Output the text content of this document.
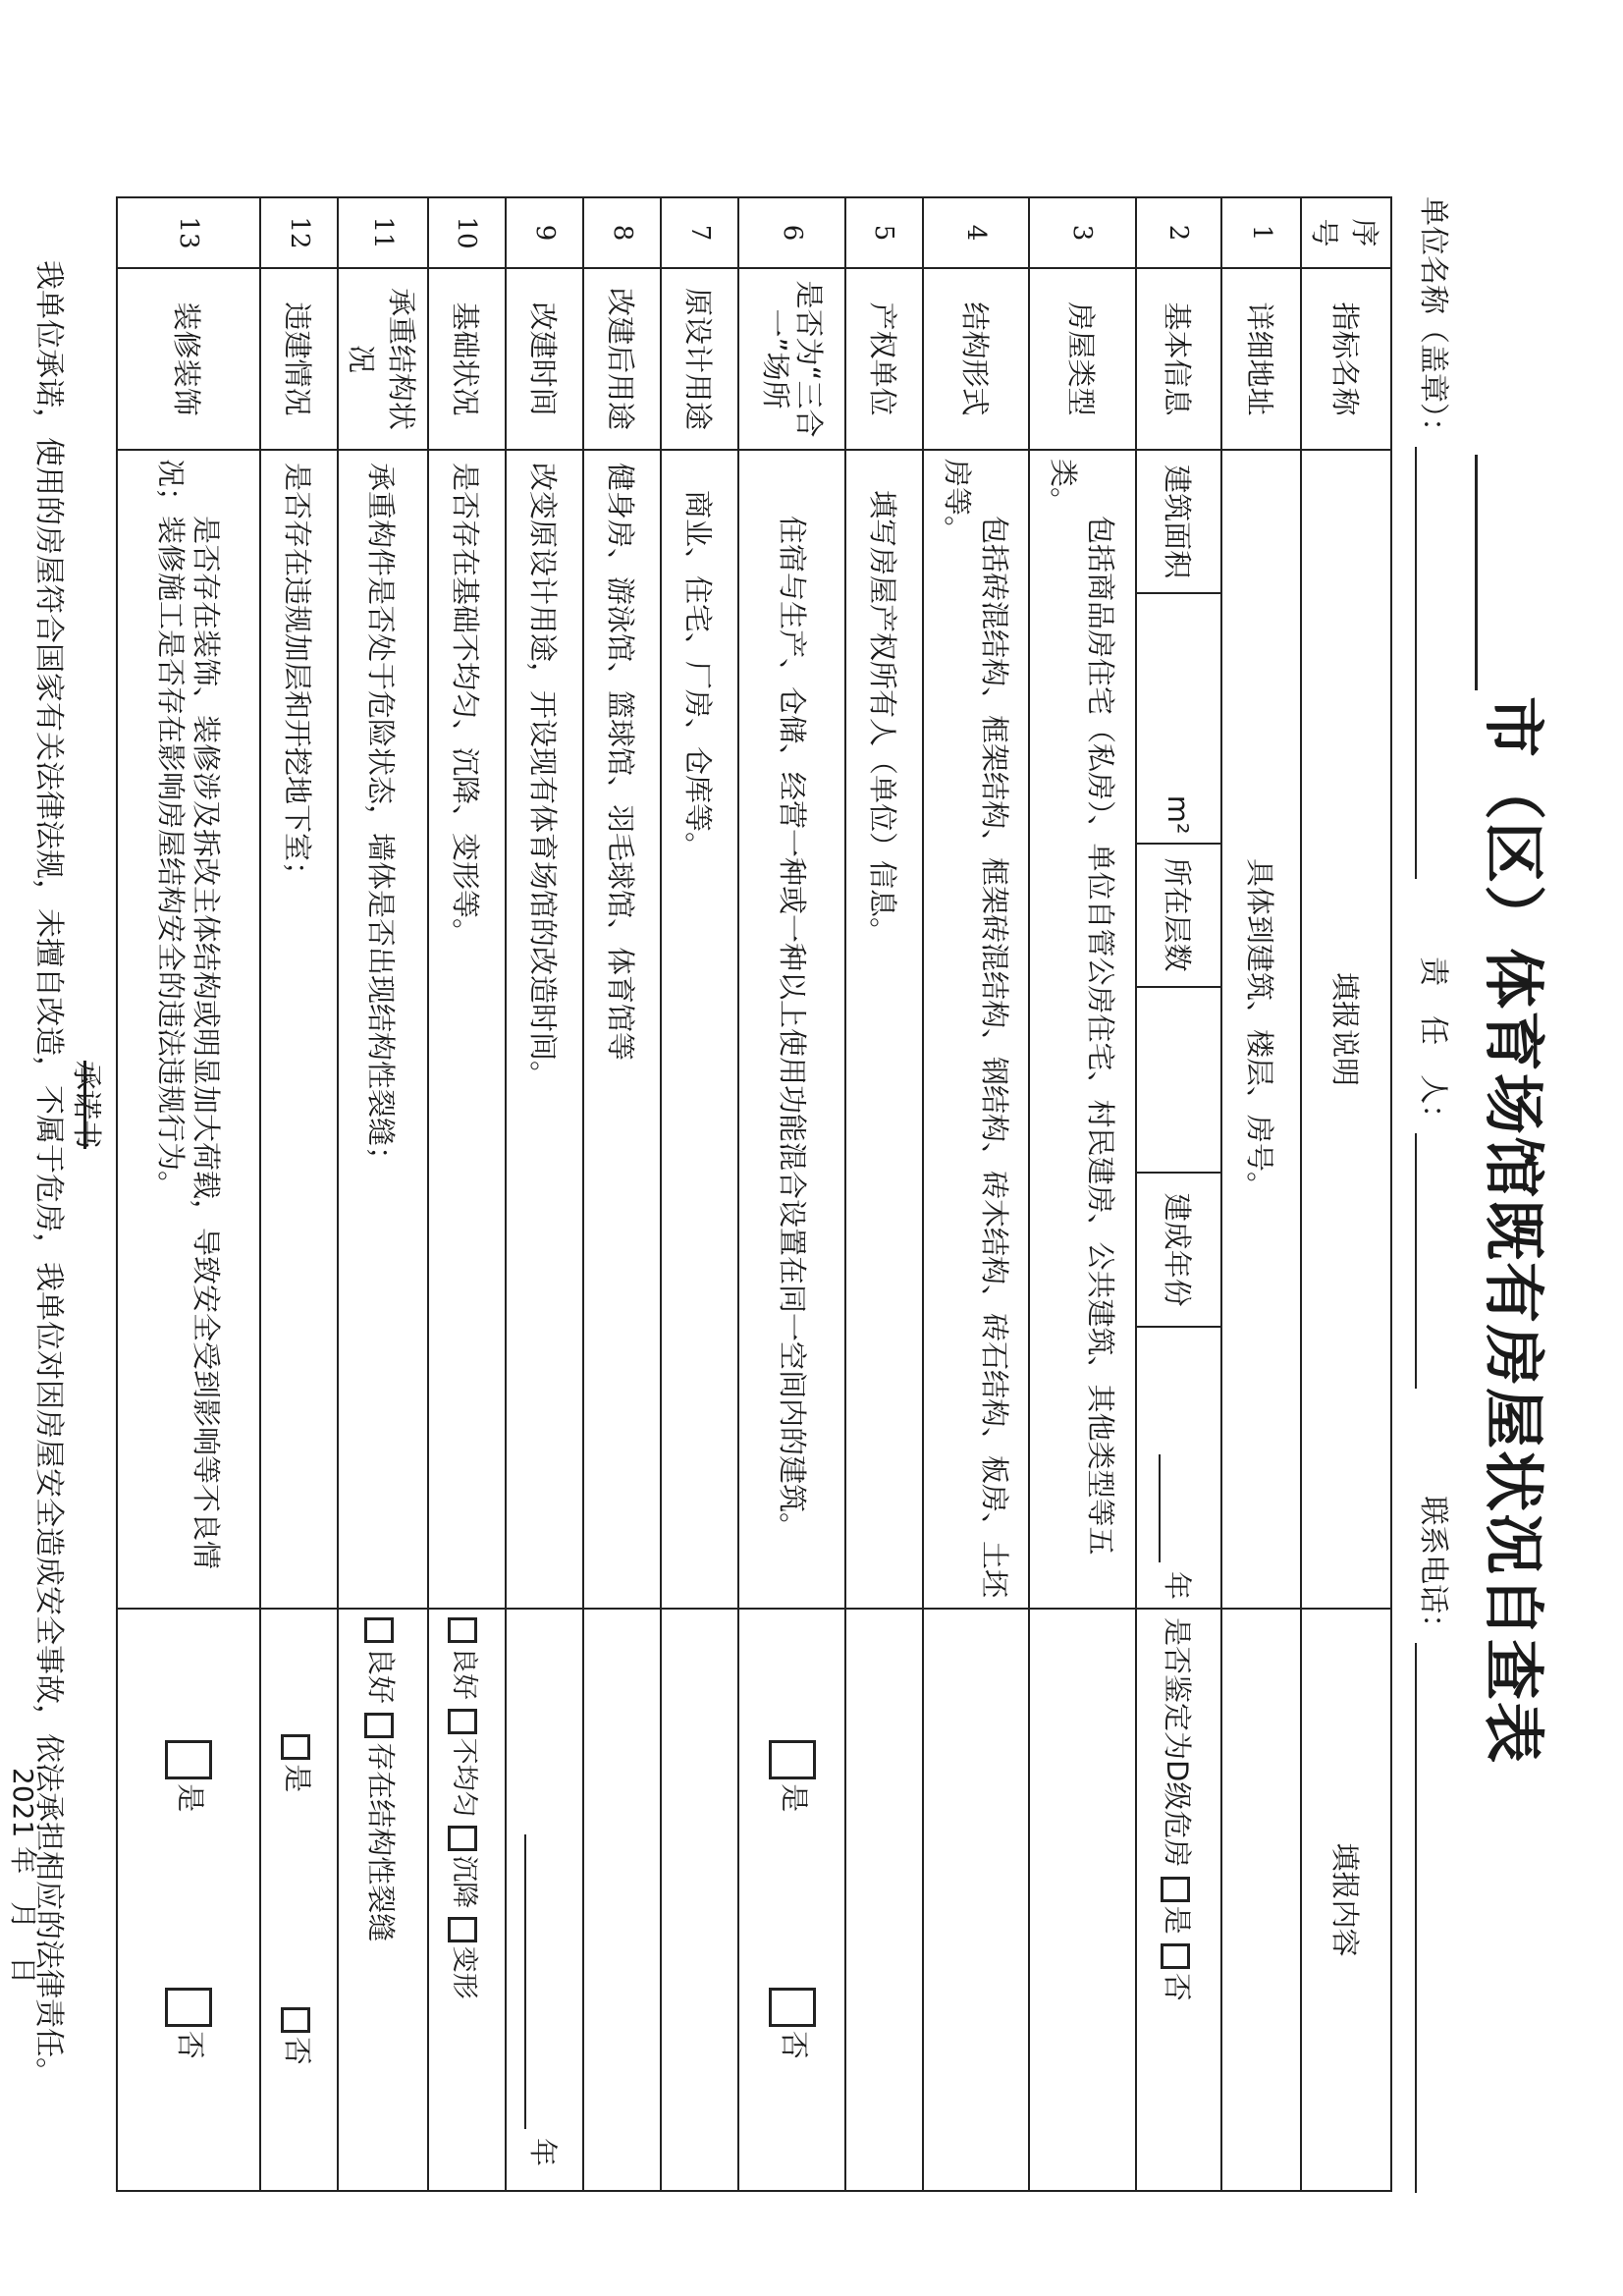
市（区）体育场馆既有房屋状况自查表
单位名称（盖章）：  责　任　人：  联系电话：
序号	指标名称	填报说明	填报内容
1	详细地址	具体到建筑、楼层、房号。	
2	基本信息	
建筑面积	m²	所在层数		建成年份	年
	是否鉴定为D级危房 是 否
3	房屋类型	包括商品房住宅（私房）、单位自管公房住宅、村民建房、公共建筑、其他类型等五类。	
4	结构形式	包括砖混结构、框架结构、框架砖混结构、钢结构、砖木结构、砖石结构、板房、土坯房等。	
5	产权单位	填写房屋产权所有人（单位）信息。	
6	是否为“三合一”场所	住宿与生产、仓储、经营一种或一种以上使用功能混合设置在同一空间内的建筑。	是  否
7	原设计用途	商业、住宅、厂房、仓库等。	
8	改建后用途	健身房、游泳馆、篮球馆、羽毛球馆、体育馆等	
9	改建时间	改变原设计用途，开设现有体育场馆的改造时间。	年
10	基础状况	是否存在基础不均匀、沉降、变形等。	良好 不均匀 沉降 变形
11	承重结构状况	承重构件是否处于危险状态，墙体是否出现结构性裂缝；	良好 存在结构性裂缝
12	违建情况	是否存在违规加层和开挖地下室；	是  否
13	装修装饰	是否存在装饰、装修涉及拆改主体结构或明显加大荷载，导致安全受到影响等不良情况；装修施工是否存在影响房屋结构安全的违法违规行为。	是  否
承诺书
我单位承诺，使用的房屋符合国家有关法律法规，未擅自改造，不属于危房，我单位对因房屋安全造成安全事故，依法承担相应的法律责任。
2021 年　月　日
